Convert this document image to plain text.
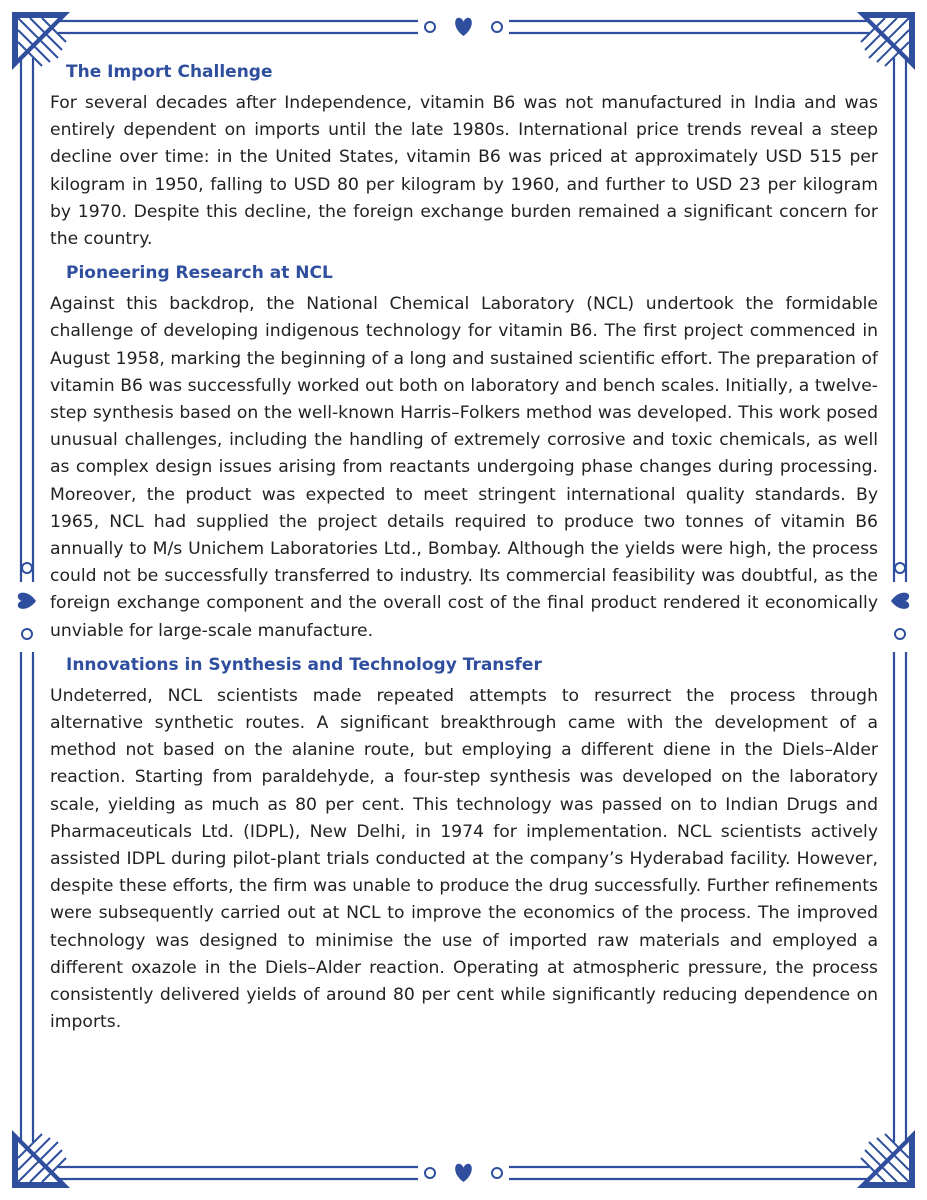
The Import Challenge

For several decades after Independence, vitamin B6 was not manufactured in India and was entirely dependent on imports until the late 1980s. International price trends reveal a steep decline over time: in the United States, vitamin B6 was priced at approximately USD 515 per kilogram in 1950, falling to USD 80 per kilogram by 1960, and further to USD 23 per kilogram by 1970. Despite this decline, the foreign exchange burden remained a significant concern for the country.

Pioneering Research at NCL

Against this backdrop, the National Chemical Laboratory (NCL) undertook the formidable challenge of developing indigenous technology for vitamin B6. The first project commenced in August 1958, marking the beginning of a long and sustained scientific effort. The preparation of vitamin B6 was successfully worked out both on laboratory and bench scales. Initially, a twelve-step synthesis based on the well-known Harris–Folkers method was developed. This work posed unusual challenges, including the handling of extremely corrosive and toxic chemicals, as well as complex design issues arising from reactants undergoing phase changes during processing. Moreover, the product was expected to meet stringent international quality standards. By 1965, NCL had supplied the project details required to produce two tonnes of vitamin B6 annually to M/s Unichem Laboratories Ltd., Bombay. Although the yields were high, the process could not be successfully transferred to industry. Its commercial feasibility was doubtful, as the foreign exchange component and the overall cost of the final product rendered it economically unviable for large-scale manufacture.

Innovations in Synthesis and Technology Transfer

Undeterred, NCL scientists made repeated attempts to resurrect the process through alternative synthetic routes. A significant breakthrough came with the development of a method not based on the alanine route, but employing a different diene in the Diels–Alder reaction. Starting from paraldehyde, a four-step synthesis was developed on the laboratory scale, yielding as much as 80 per cent. This technology was passed on to Indian Drugs and Pharmaceuticals Ltd. (IDPL), New Delhi, in 1974 for implementation. NCL scientists actively assisted IDPL during pilot-plant trials conducted at the company’s Hyderabad facility. However, despite these efforts, the firm was unable to produce the drug successfully. Further refinements were subsequently carried out at NCL to improve the economics of the process. The improved technology was designed to minimise the use of imported raw materials and employed a different oxazole in the Diels–Alder reaction. Operating at atmospheric pressure, the process consistently delivered yields of around 80 per cent while significantly reducing dependence on imports.
